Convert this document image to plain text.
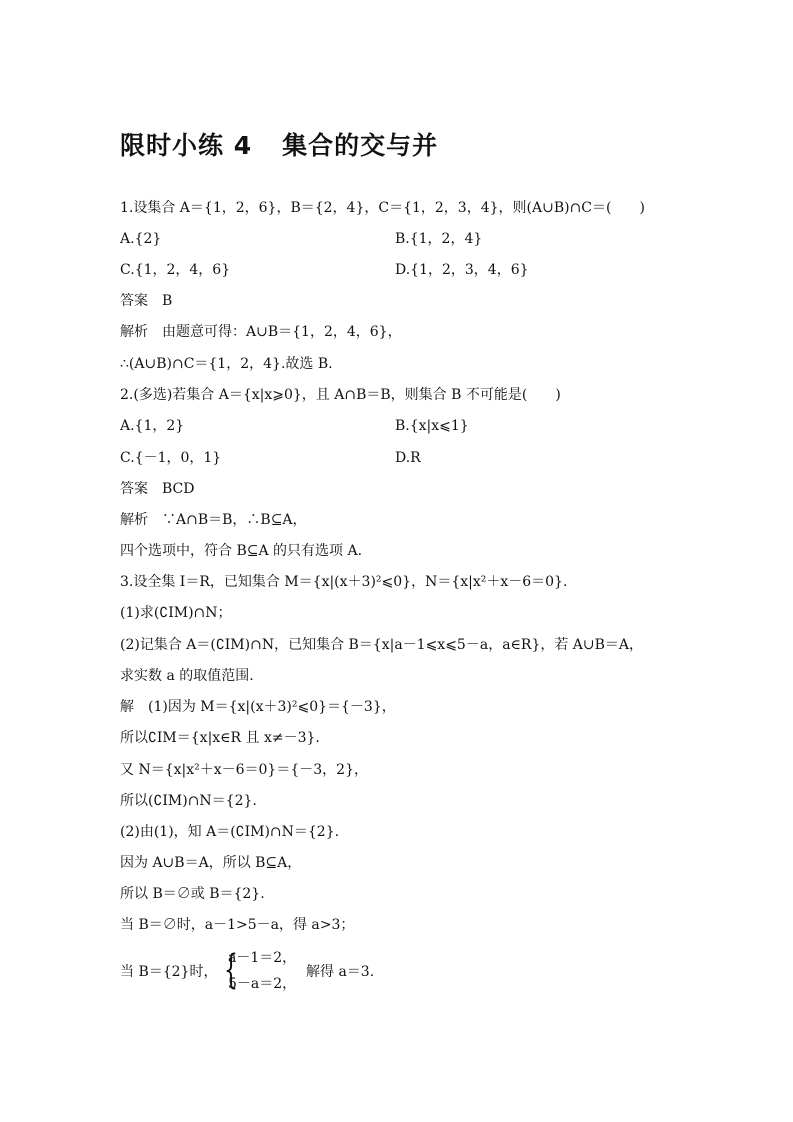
限时小练 4 集合的交与并
1.设集合 A＝{1，2，6}，B＝{2，4}，C＝{1，2，3，4}，则(A∪B)∩C＝(　　)
A.{2}	B.{1，2，4}
C.{1，2，4，6}	D.{1，2，3，4，6}
答案　B
解析　由题意可得：A∪B＝{1，2，4，6}，
∴(A∪B)∩C＝{1，2，4}.故选 B.
2.(多选)若集合 A＝{x|x⩾0}，且 A∩B＝B，则集合 B 不可能是(　　)
A.{1，2}	B.{x|x⩽1}
C.{－1，0，1}	D.R
答案　BCD
解析　∵A∩B＝B，∴B⊆A，
四个选项中，符合 B⊆A 的只有选项 A.
3.设全集 I＝R，已知集合 M＝{x|(x＋3)²⩽0}，N＝{x|x²＋x－6＝0}.
(1)求(∁IM)∩N；
(2)记集合 A＝(∁IM)∩N，已知集合 B＝{x|a－1⩽x⩽5－a，a∈R}，若 A∪B＝A，
求实数 a 的取值范围.
解　(1)因为 M＝{x|(x＋3)²⩽0}＝{－3}，
所以∁IM＝{x|x∈R 且 x≠－3}.
又 N＝{x|x²＋x－6＝0}＝{－3，2}，
所以(∁IM)∩N＝{2}.
(2)由(1)，知 A＝(∁IM)∩N＝{2}.
因为 A∪B＝A，所以 B⊆A，
所以 B＝∅或 B＝{2}.
当 B＝∅时，a－1>5－a，得 a>3；
当 B＝{2}时， {
a－1＝2，
5－a＝2，
解得 a＝3.
